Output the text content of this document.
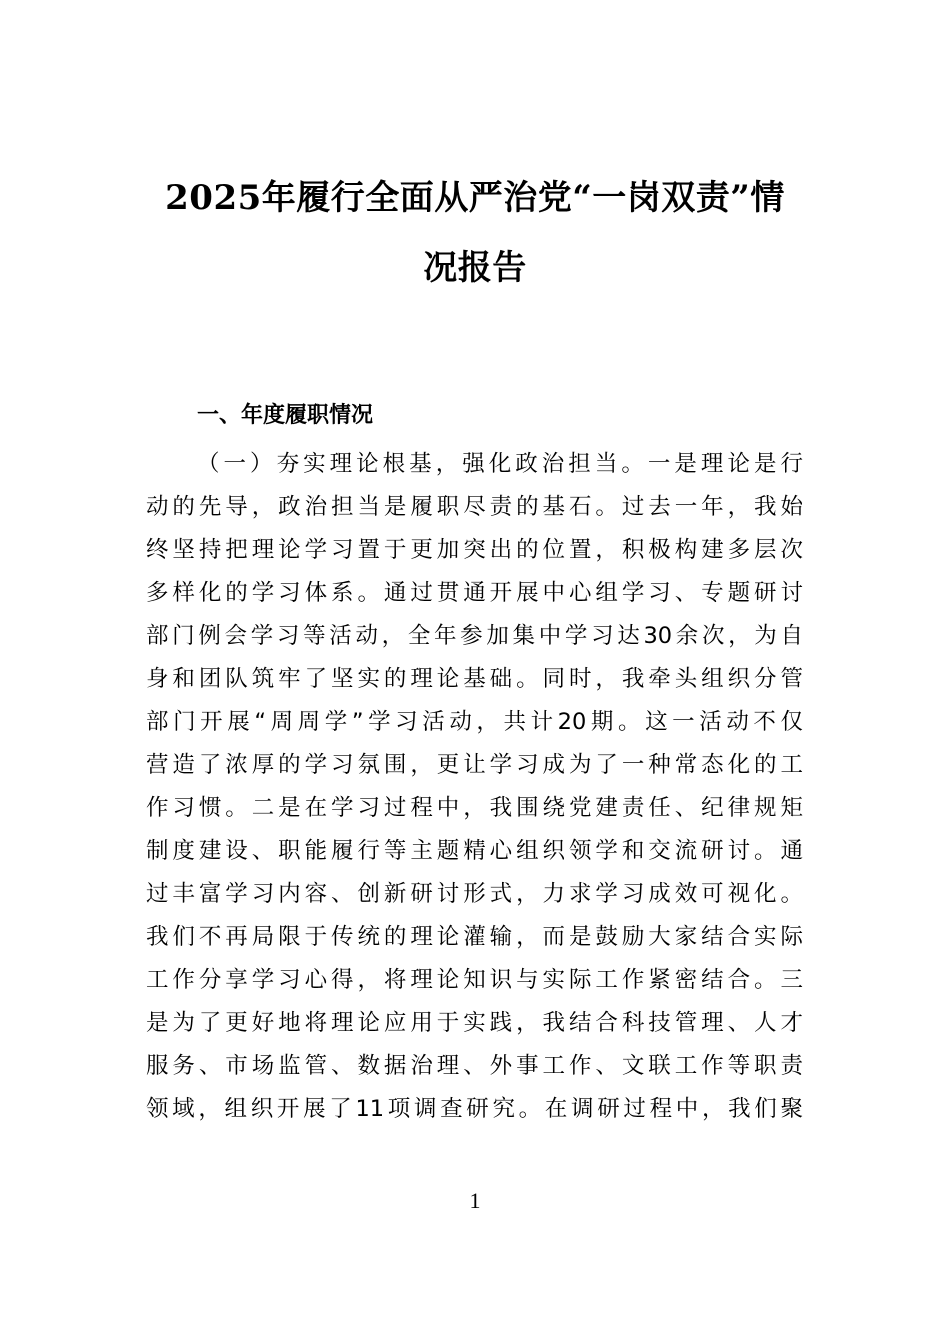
2025年履行全面从严治党“一岗双责”情
况报告
一、年度履职情况
（一）夯实理论根基，强化政治担当。一是理论是行
动的先导，政治担当是履职尽责的基石。过去一年，我始
终坚持把理论学习置于更加突出的位置，积极构建多层次
多样化的学习体系。通过贯通开展中心组学习、专题研讨
部门例会学习等活动，全年参加集中学习达30余次，为自
身和团队筑牢了坚实的理论基础。同时，我牵头组织分管
部门开展“周周学”学习活动，共计20期。这一活动不仅
营造了浓厚的学习氛围，更让学习成为了一种常态化的工
作习惯。二是在学习过程中，我围绕党建责任、纪律规矩
制度建设、职能履行等主题精心组织领学和交流研讨。通
过丰富学习内容、创新研讨形式，力求学习成效可视化。
我们不再局限于传统的理论灌输，而是鼓励大家结合实际
工作分享学习心得，将理论知识与实际工作紧密结合。三
是为了更好地将理论应用于实践，我结合科技管理、人才
服务、市场监管、数据治理、外事工作、文联工作等职责
领域，组织开展了11项调查研究。在调研过程中，我们聚
1
